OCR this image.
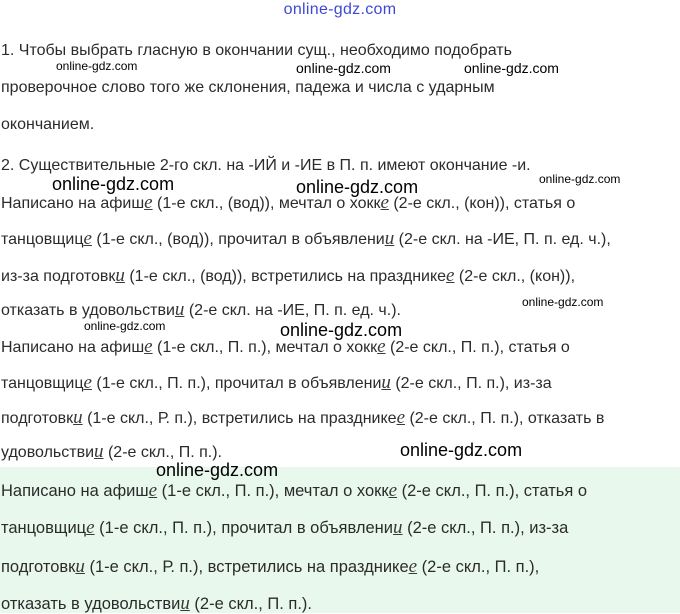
online-gdz.com
1. Чтобы выбрать гласную в окончании сущ., необходимо подобрать
проверочное слово того же склонения, падежа и числа с ударным
окончанием.
2. Существительные 2-го скл. на -ИЙ и -ИЕ в П. п. имеют окончание -и.
Написано на афише (1-е скл., (вод)), мечтал о хокке (2-е скл., (кон)), статья о
танцовщице (1-е скл., (вод)), прочитал в объявлении (2-е скл. на -ИЕ, П. п. ед. ч.),
из-за подготовки (1-е скл., (вод)), встретились на праздникее (2-е скл., (кон)),
отказать в удовольствии (2-е скл. на -ИЕ, П. п. ед. ч.).
Написано на афише (1-е скл., П. п.), мечтал о хокке (2-е скл., П. п.), статья о
танцовщице (1-е скл., П. п.), прочитал в объявлении (2-е скл., П. п.), из-за
подготовки (1-е скл., Р. п.), встретились на праздникее (2-е скл., П. п.), отказать в
удовольствии (2-е скл., П. п.).
Написано на афише (1-е скл., П. п.), мечтал о хокке (2-е скл., П. п.), статья о
танцовщице (1-е скл., П. п.), прочитал в объявлении (2-е скл., П. п.), из-за
подготовки (1-е скл., Р. п.), встретились на праздникее (2-е скл., П. п.),
отказать в удовольствии (2-е скл., П. п.).
online-gdz.com	online-gdz.com	online-gdz.com
online-gdz.com	online-gdz.com	online-gdz.com
online-gdz.com
online-gdz.com	online-gdz.com
online-gdz.com
online-gdz.com
